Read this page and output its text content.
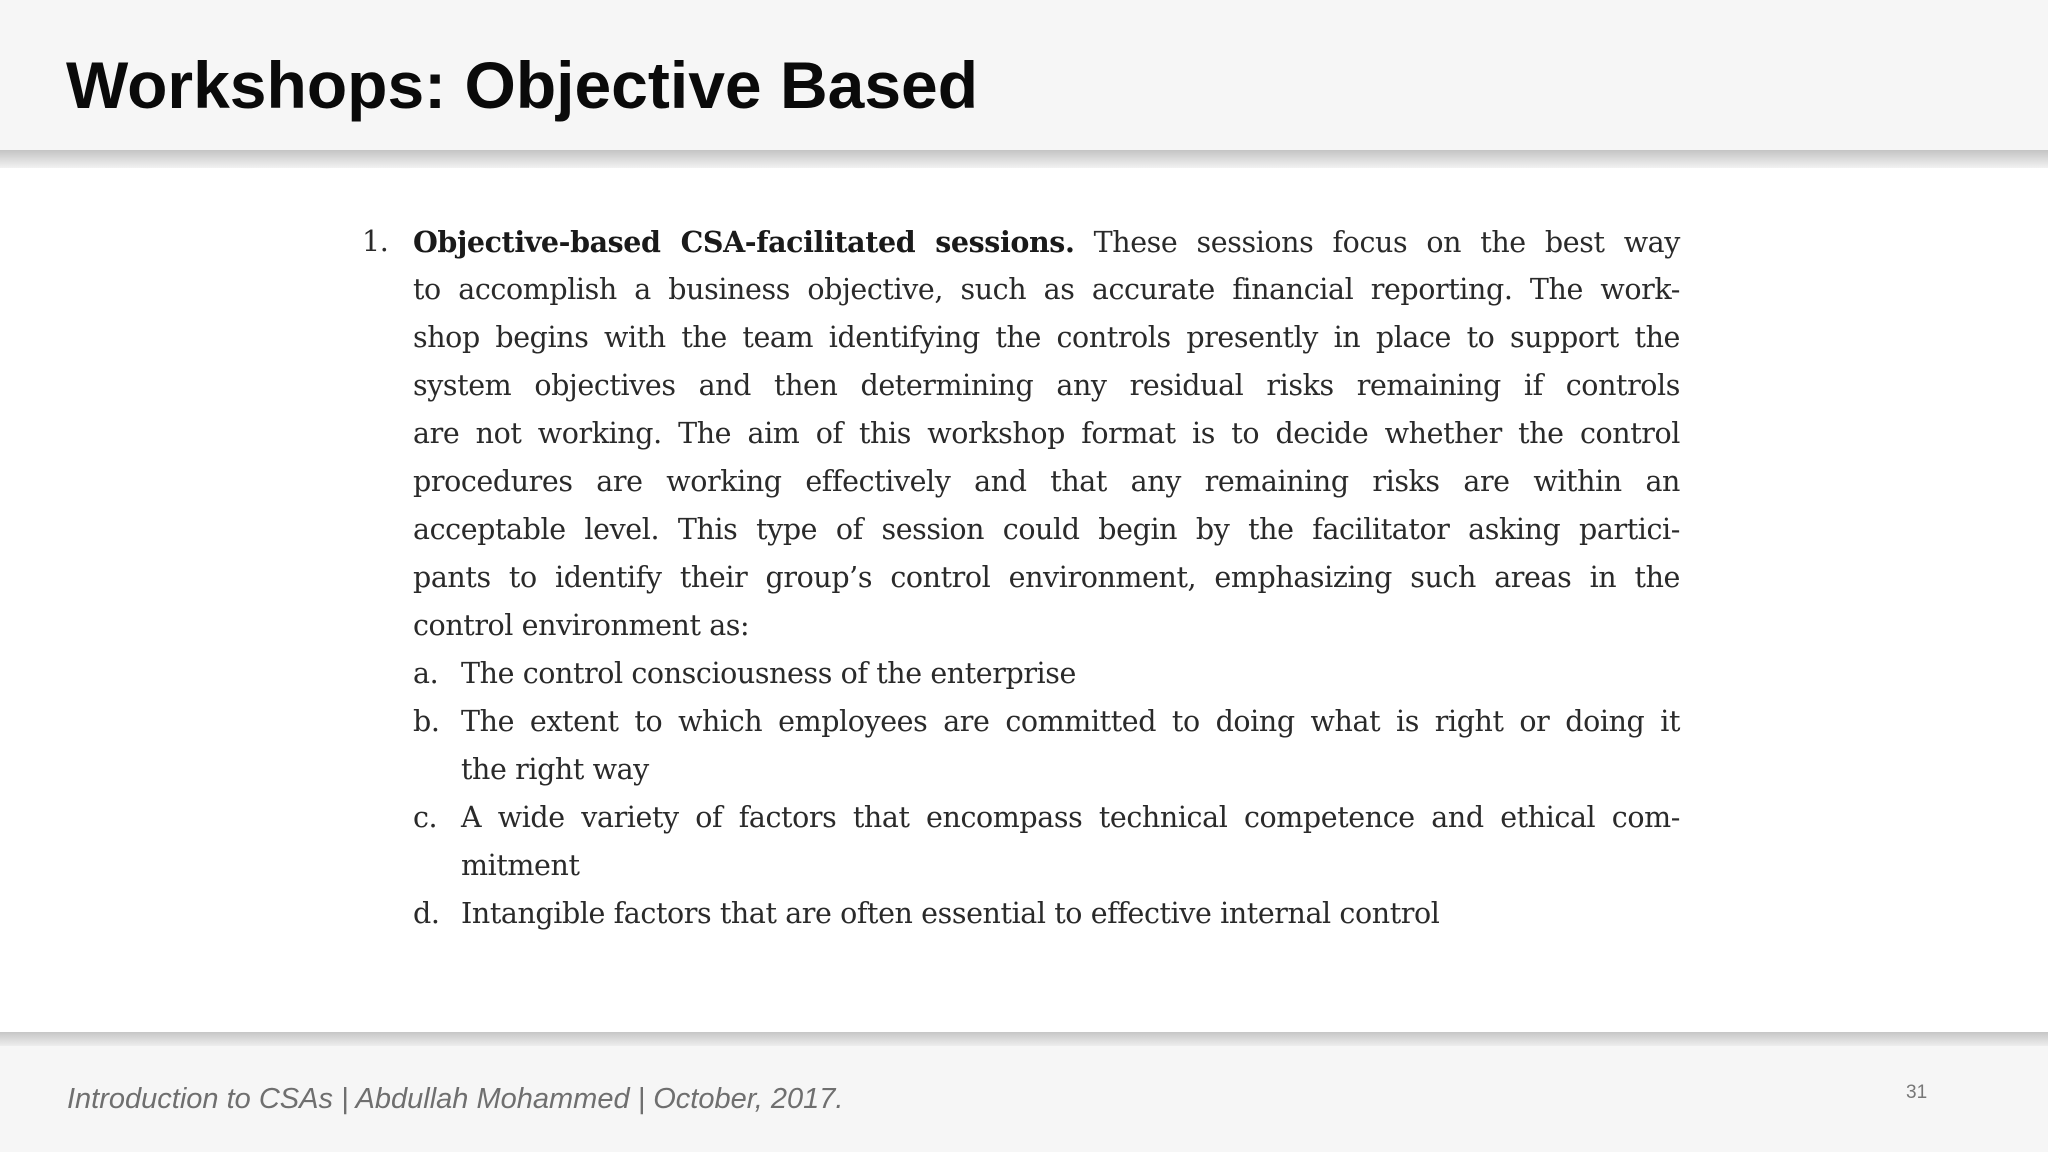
Workshops: Objective Based
1. Objective-based CSA-facilitated sessions. These sessions focus on the best way
to accomplish a business objective, such as accurate financial reporting. The work-
shop begins with the team identifying the controls presently in place to support the
system objectives and then determining any residual risks remaining if controls
are not working. The aim of this workshop format is to decide whether the control
procedures are working effectively and that any remaining risks are within an
acceptable level. This type of session could begin by the facilitator asking partici-
pants to identify their group’s control environment, emphasizing such areas in the
control environment as:
a. The control consciousness of the enterprise
b. The extent to which employees are committed to doing what is right or doing it
the right way
c. A wide variety of factors that encompass technical competence and ethical com-
mitment
d. Intangible factors that are often essential to effective internal control
Introduction to CSAs | Abdullah Mohammed | October, 2017.	31
